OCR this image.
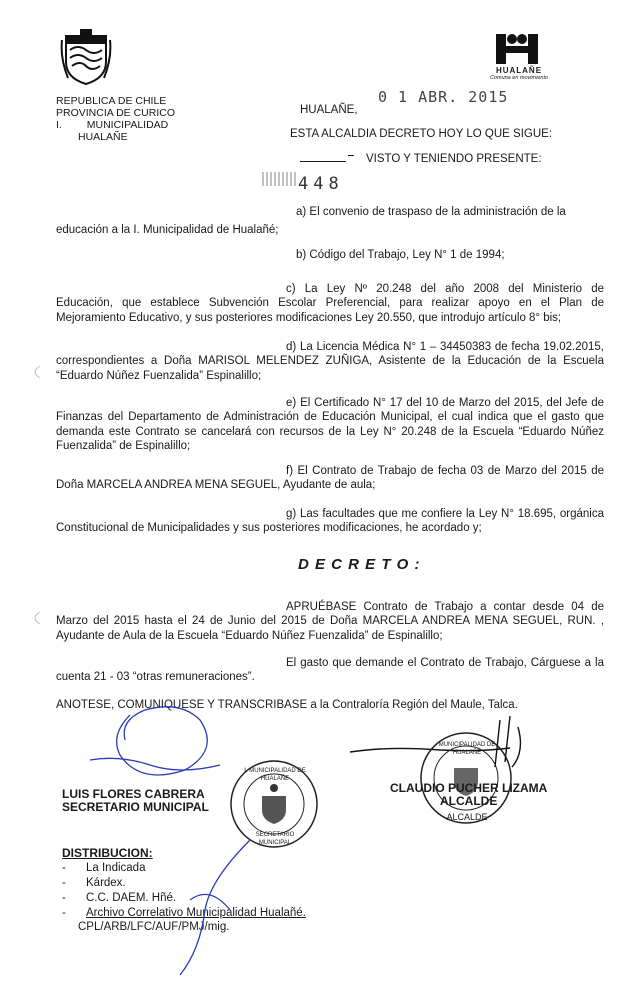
HUALAÑE
Comuna en movimiento
REPUBLICA DE CHILE
PROVINCIA DE CURICO
I. MUNICIPALIDAD
HUALAÑE
HUALAÑE,
0 1 ABR. 2015
ESTA ALCALDIA DECRETO HOY LO QUE SIGUE:
VISTO Y TENIENDO PRESENTE:
448
a) El convenio de traspaso de la administración de la
educación a la I. Municipalidad de Hualañé;
b) Código del Trabajo, Ley N° 1 de 1994;
c) La Ley Nº 20.248 del año 2008 del Ministerio de Educación, que establece Subvención Escolar Preferencial, para realizar apoyo en el Plan de Mejoramiento Educativo, y sus posteriores modificaciones Ley 20.550, que introdujo artículo 8° bis;
d) La Licencia Médica N° 1 – 34450383 de fecha 19.02.2015, correspondientes a Doña MARISOL MELENDEZ ZUÑIGA, Asistente de la Educación de la Escuela “Eduardo Núñez Fuenzalida” Espinalillo;
e) El Certificado N° 17 del 10 de Marzo del 2015, del Jefe de Finanzas del Departamento de Administración de Educación Municipal, el cual indica que el gasto que demanda este Contrato se cancelará con recursos de la Ley N° 20.248 de la Escuela “Eduardo Núñez Fuenzalida” de Espinalillo;
f) El Contrato de Trabajo de fecha 03 de Marzo del 2015 de Doña MARCELA ANDREA MENA SEGUEL, Ayudante de aula;
g) Las facultades que me confiere la Ley N° 18.695, orgánica Constitucional de Municipalidades y sus posteriores modificaciones, he acordado y;
D E C R E T O :
APRUÉBASE Contrato de Trabajo a contar desde 04 de Marzo del 2015 hasta el 24 de Junio del 2015 de Doña MARCELA ANDREA MENA SEGUEL, RUN. , Ayudante de Aula de la Escuela “Eduardo Núñez Fuenzalida” de Espinalillo;
El gasto que demande el Contrato de Trabajo, Cárguese a la cuenta 21 - 03 “otras remuneraciones”.
ANOTESE, COMUNIQUESE Y TRANSCRIBASE a la Contraloría Región del Maule, Talca.
LUIS FLORES CABRERA
SECRETARIO MUNICIPAL
I. MUNICIPALIDAD DE HUALAÑE
SECRETARIO MUNICIPAL
MUNICIPALIDAD DE HUALAÑE
ALCALDE
CLAUDIO PUCHER LIZAMA
ALCALDE
DISTRIBUCION:
- La Indicada
- Kárdex.
- C.C. DAEM. Hñé.
- Archivo Correlativo Municipalidad Hualañé.
CPL/ARB/LFC/AUF/PMJ/mig.
